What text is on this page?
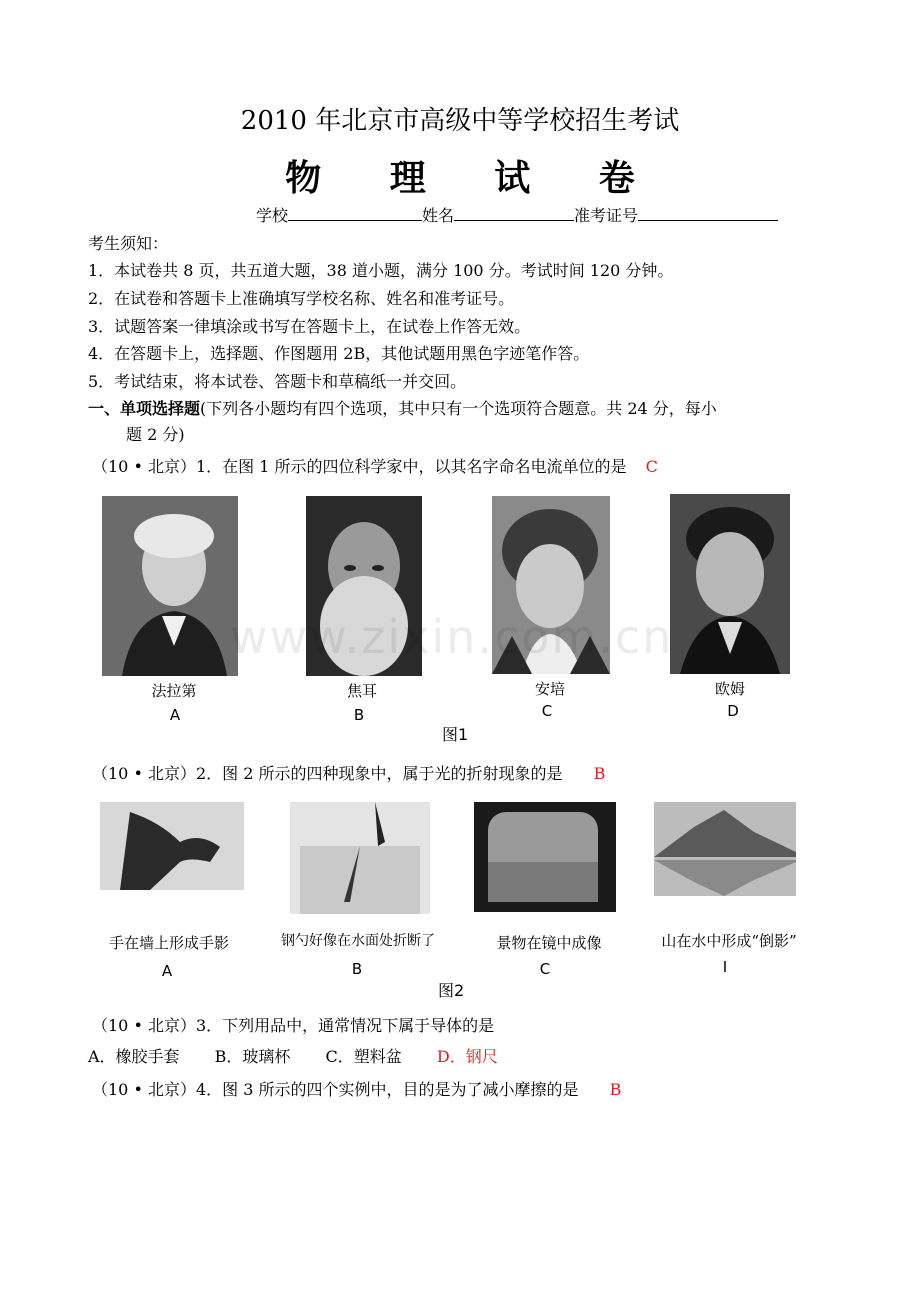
2010 年北京市高级中等学校招生考试
物 理 试 卷
学校	姓名	准考证号
考生须知：
1．本试卷共 8 页，共五道大题，38 道小题，满分 100 分。考试时间 120 分钟。
2．在试卷和答题卡上准确填写学校名称、姓名和准考证号。
3．试题答案一律填涂或书写在答题卡上，在试卷上作答无效。
4．在答题卡上，选择题、作图题用 2B，其他试题用黑色字迹笔作答。
5．考试结束，将本试卷、答题卡和草稿纸一并交回。
一、单项选择题(下列各小题均有四个选项，其中只有一个选项符合题意。共 24 分，每小
题 2 分)
（10 • 北京）1．在图 1 所示的四位科学家中，以其名字命名电流单位的是 C
法拉第	焦耳	安培	欧姆
A	B	C	D
图1
www.zixin.com.cn
（10 • 北京）2．图 2 所示的四种现象中，属于光的折射现象的是 B
手在墙上形成手影	钢勺好像在水面处折断了	景物在镜中成像	山在水中形成“倒影”
A	B	C	I
图2
（10 • 北京）3．下列用品中，通常情况下属于导体的是
A．橡胶手套 B．玻璃杯 C．塑料盆 D．钢尺
（10 • 北京）4．图 3 所示的四个实例中，目的是为了减小摩擦的是 B
